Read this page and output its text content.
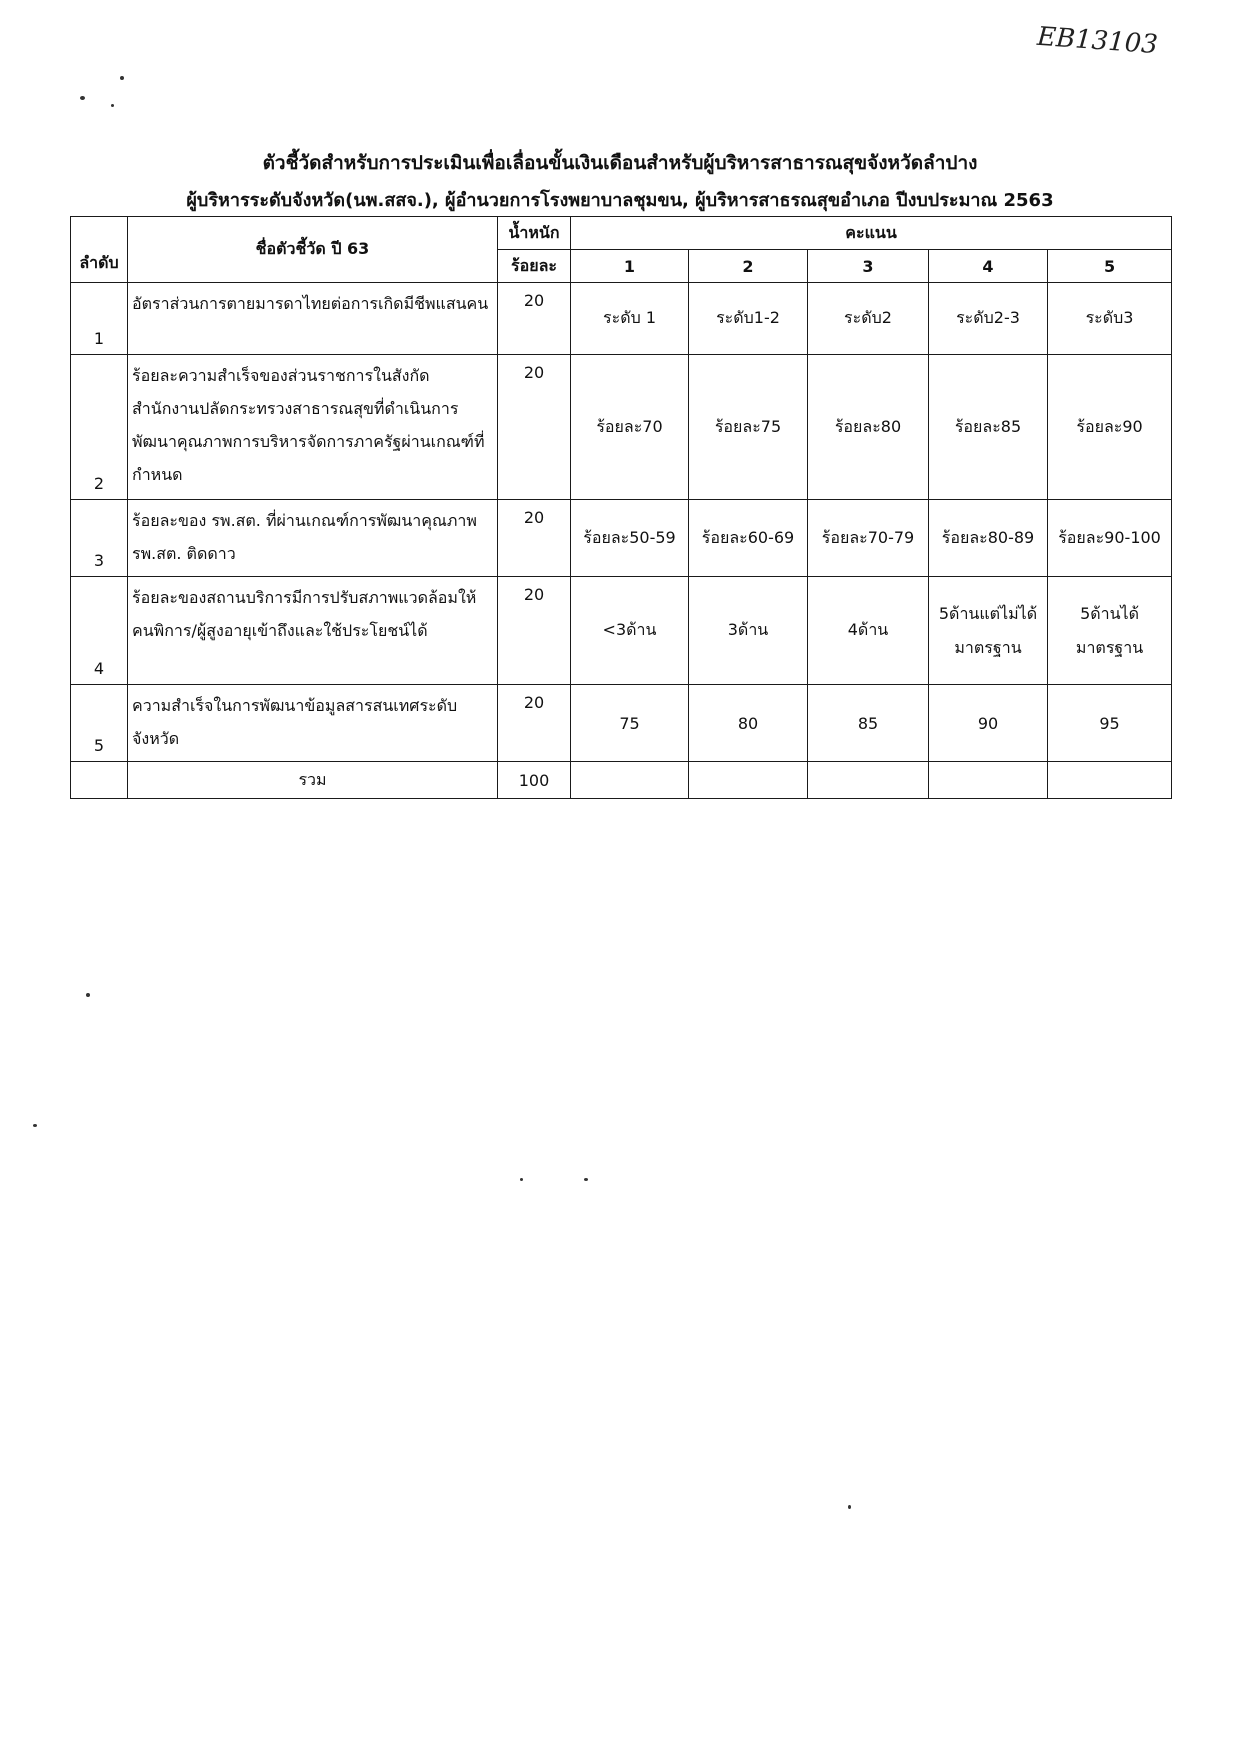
EB13103
ตัวชี้วัดสำหรับการประเมินเพื่อเลื่อนขั้นเงินเดือนสำหรับผู้บริหารสาธารณสุขจังหวัดลำปาง
ผู้บริหารระดับจังหวัด(นพ.สสจ.), ผู้อำนวยการโรงพยาบาลชุมขน, ผู้บริหารสาธรณสุขอำเภอ ปีงบประมาณ 2563
ลำดับ	ชื่อตัวชี้วัด ปี 63	น้ำหนัก	คะแนน				
		ร้อยละ	1	2	3	4	5
1	อัตราส่วนการตายมารดาไทยต่อการเกิดมีชีพแสนคน	20	ระดับ 1	ระดับ1-2	ระดับ2	ระดับ2-3	ระดับ3
2	ร้อยละความสำเร็จของส่วนราชการในสังกัดสำนักงานปลัดกระทรวงสาธารณสุขที่ดำเนินการพัฒนาคุณภาพการบริหารจัดการภาครัฐผ่านเกณฑ์ที่กำหนด	20	ร้อยละ70	ร้อยละ75	ร้อยละ80	ร้อยละ85	ร้อยละ90
3	ร้อยละของ รพ.สต. ที่ผ่านเกณฑ์การพัฒนาคุณภาพ รพ.สต. ติดดาว	20	ร้อยละ50-59	ร้อยละ60-69	ร้อยละ70-79	ร้อยละ80-89	ร้อยละ90-100
4	ร้อยละของสถานบริการมีการปรับสภาพแวดล้อมให้คนพิการ/ผู้สูงอายุเข้าถึงและใช้ประโยชน์ได้	20	<3ด้าน	3ด้าน	4ด้าน	5ด้านแต่ไม่ได้มาตรฐาน	5ด้านได้มาตรฐาน
5	ความสำเร็จในการพัฒนาข้อมูลสารสนเทศระดับจังหวัด	20	75	80	85	90	95
	รวม	100					
